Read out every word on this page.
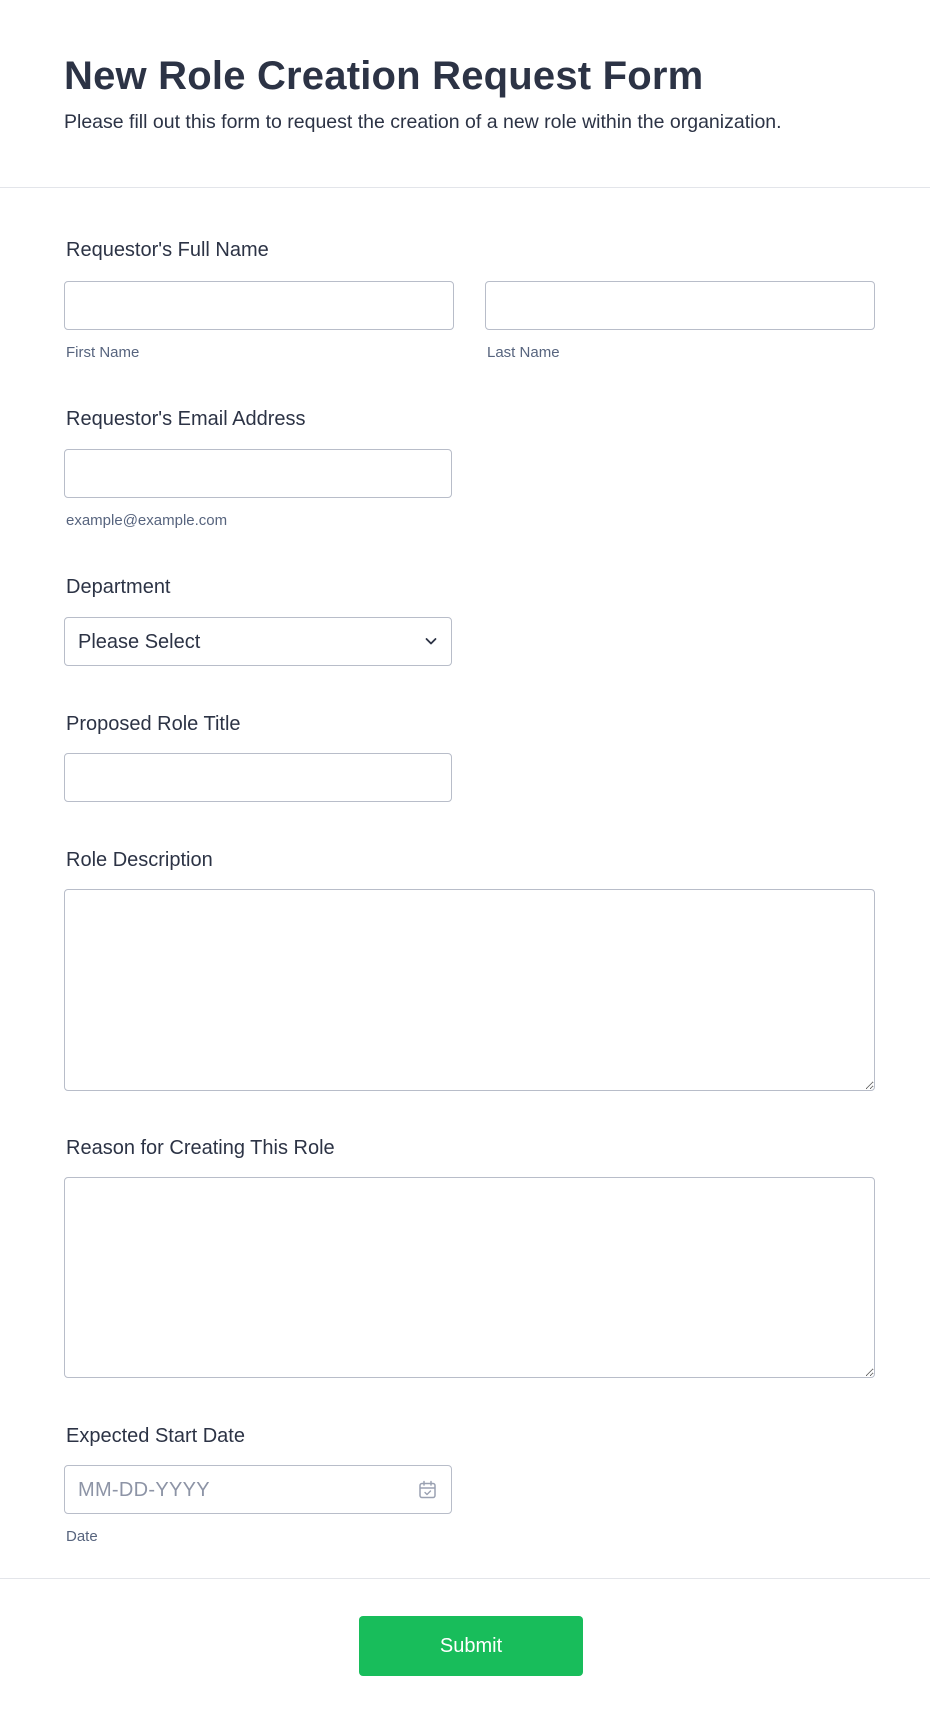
New Role Creation Request Form

Please fill out this form to request the creation of a new role within the organization.

Requestor's Full Name
First Name	Last Name
Requestor's Email Address
example@example.com
Department
Please Select
Proposed Role Title
Role Description
Reason for Creating This Role
Expected Start Date
MM-DD-YYYY
Date
Submit
